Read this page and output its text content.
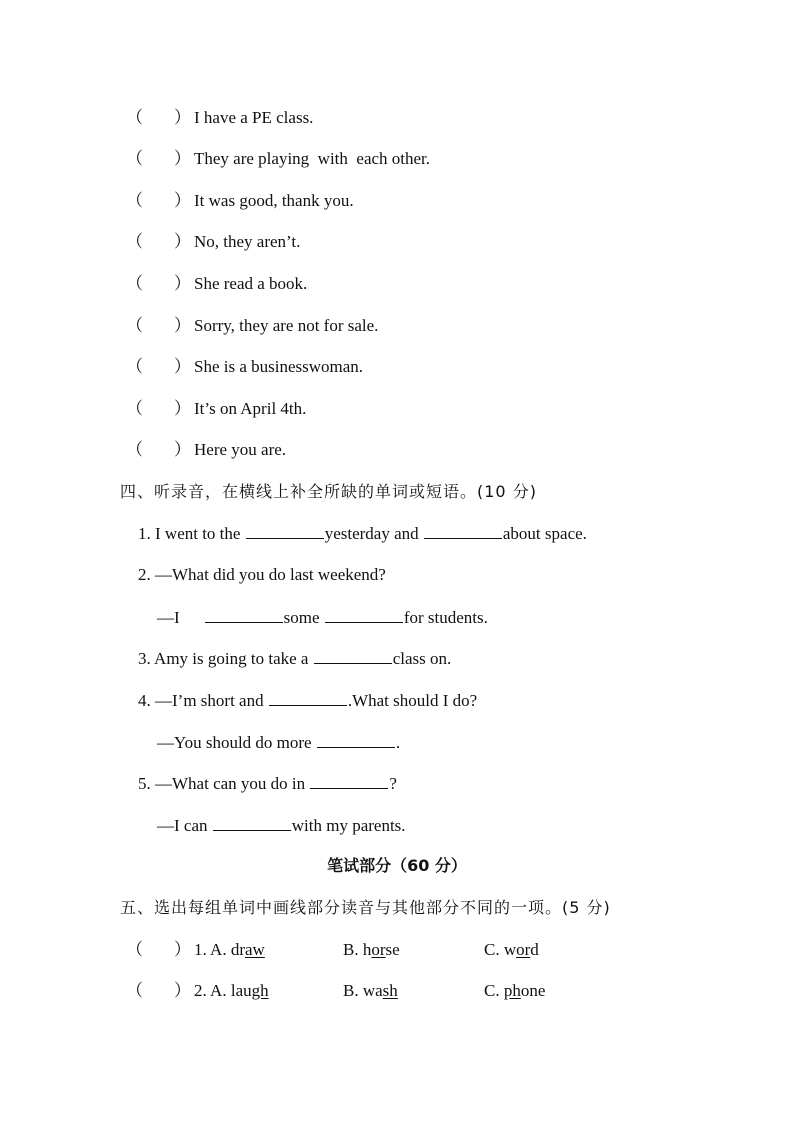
（ ） I have a PE class.
（ ） They are playing  with  each other.
（ ） It was good, thank you.
（ ） No, they aren’t.
（ ） She read a book.
（ ） Sorry, they are not for sale.
（ ） She is a businesswoman.
（ ） It’s on April 4th.
（ ） Here you are.
四、听录音，在横线上补全所缺的单词或短语。(10 分)
1. I went to the	yesterday and	about space.
2. —What did you do last weekend?
—I	some	for students.
3. Amy is going to take a	class on.
4. —I’m short and	.What should I do?
—You should do more	.
5. —What can you do in	?
—I can	with my parents.
笔试部分（60 分）
五、选出每组单词中画线部分读音与其他部分不同的一项。(5 分)
（ ） 1. A. draw	B. horse	C. word
（ ） 2. A. laugh	B. wash	C. phone
